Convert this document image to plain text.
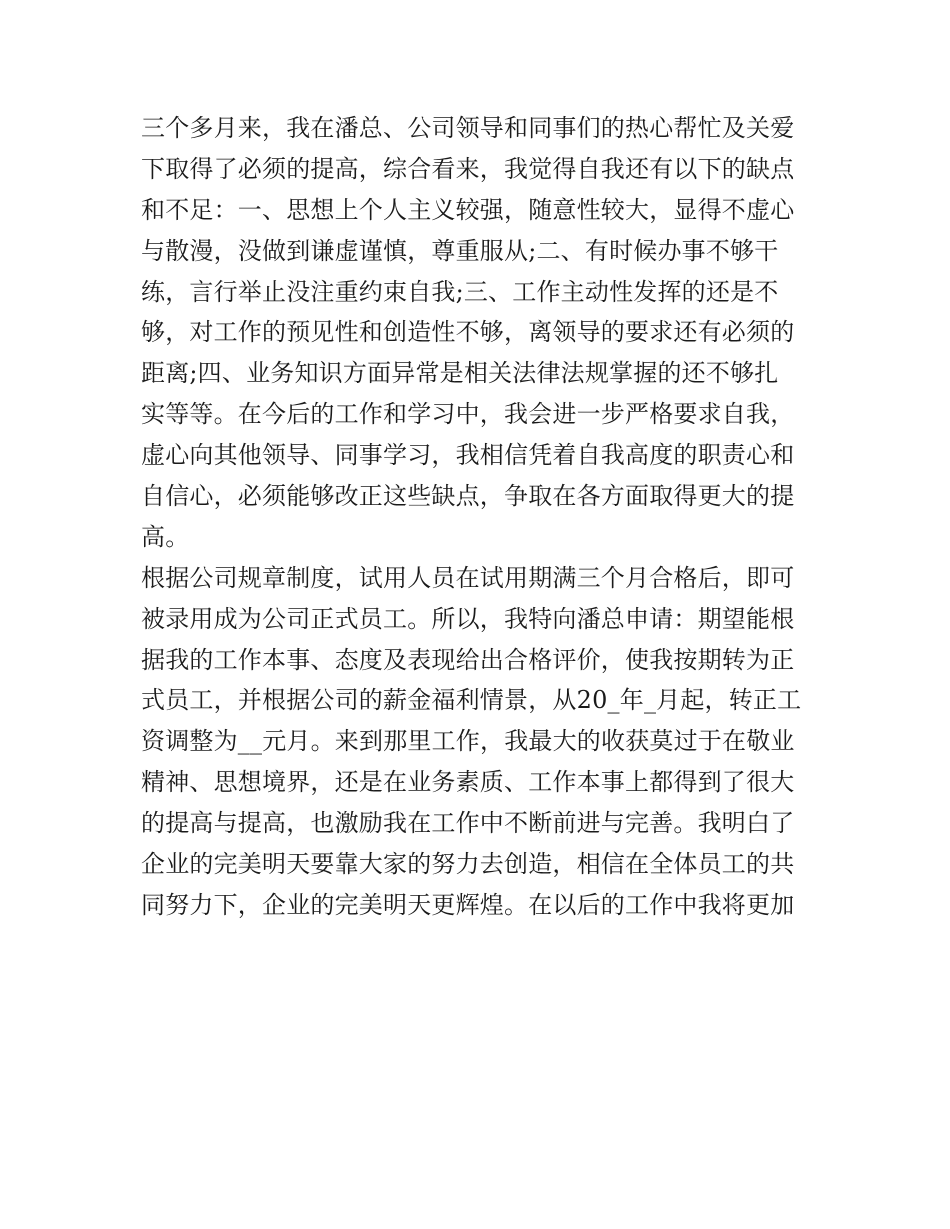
三个多月来，我在潘总、公司领导和同事们的热心帮忙及关爱
下取得了必须的提高，综合看来，我觉得自我还有以下的缺点
和不足：一、思想上个人主义较强，随意性较大，显得不虚心
与散漫，没做到谦虚谨慎，尊重服从;二、有时候办事不够干
练，言行举止没注重约束自我;三、工作主动性发挥的还是不
够，对工作的预见性和创造性不够，离领导的要求还有必须的
距离;四、业务知识方面异常是相关法律法规掌握的还不够扎
实等等。在今后的工作和学习中，我会进一步严格要求自我，
虚心向其他领导、同事学习，我相信凭着自我高度的职责心和
自信心，必须能够改正这些缺点，争取在各方面取得更大的提
高。
根据公司规章制度，试用人员在试用期满三个月合格后，即可
被录用成为公司正式员工。所以，我特向潘总申请：期望能根
据我的工作本事、态度及表现给出合格评价，使我按期转为正
式员工，并根据公司的薪金福利情景，从20_年_月起，转正工
资调整为__元月。来到那里工作，我最大的收获莫过于在敬业
精神、思想境界，还是在业务素质、工作本事上都得到了很大
的提高与提高，也激励我在工作中不断前进与完善。我明白了
企业的完美明天要靠大家的努力去创造，相信在全体员工的共
同努力下，企业的完美明天更辉煌。在以后的工作中我将更加
